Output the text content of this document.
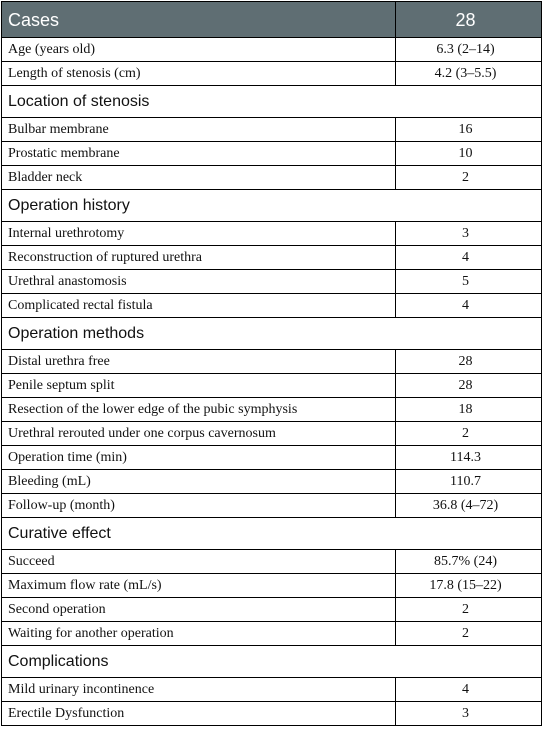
Cases	28
Age (years old)	6.3 (2–14)
Length of stenosis (cm)	4.2 (3–5.5)
Location of stenosis	
Bulbar membrane	16
Prostatic membrane	10
Bladder neck	2
Operation history	
Internal urethrotomy	3
Reconstruction of ruptured urethra	4
Urethral anastomosis	5
Complicated rectal fistula	4
Operation methods	
Distal urethra free	28
Penile septum split	28
Resection of the lower edge of the pubic symphysis	18
Urethral rerouted under one corpus cavernosum	2
Operation time (min)	114.3
Bleeding (mL)	110.7
Follow-up (month)	36.8 (4–72)
Curative effect	
Succeed	85.7% (24)
Maximum flow rate (mL/s)	17.8 (15–22)
Second operation	2
Waiting for another operation	2
Complications	
Mild urinary incontinence	4
Erectile Dysfunction	3
